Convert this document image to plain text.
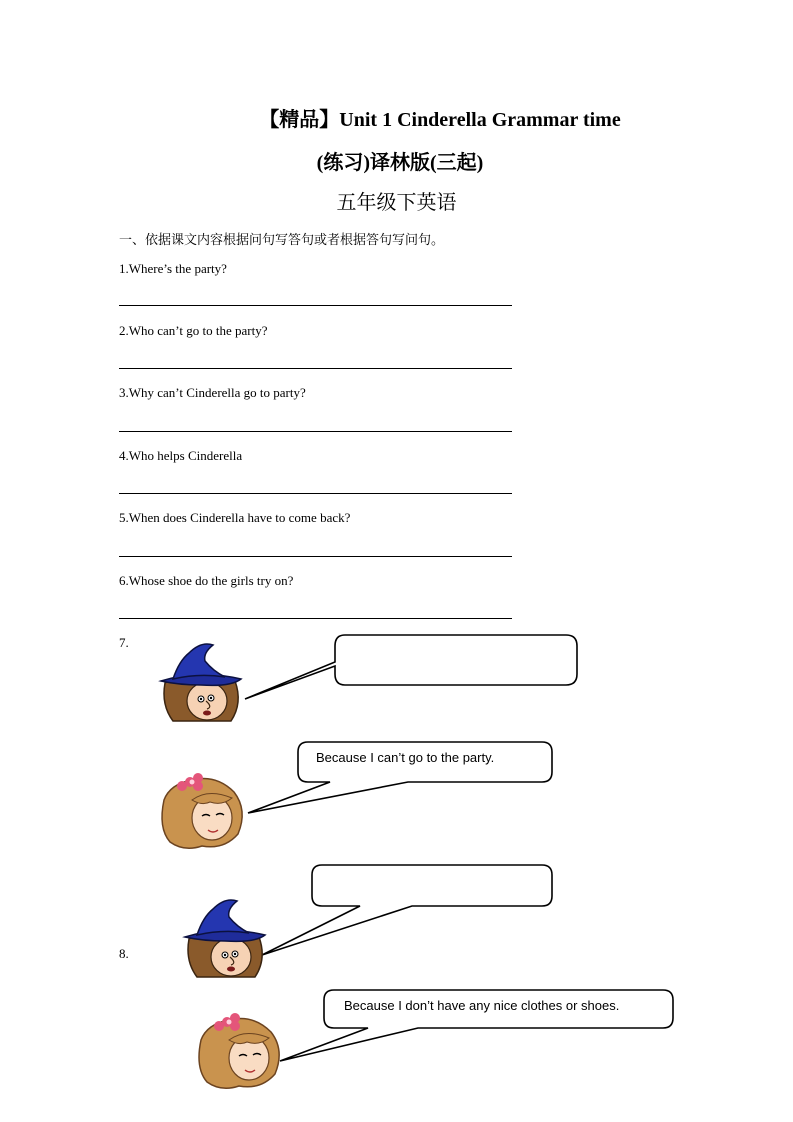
【精品】Unit 1 Cinderella Grammar time
(练习)译林版(三起)
五年级下英语
一、依据课文内容根据问句写答句或者根据答句写问句。
1.Where’s the party?
2.Who can’t go to the party?
3.Why can’t Cinderella go to party?
4.Who helps Cinderella
5.When does Cinderella have to come back?
6.Whose shoe do the girls try on?
7.
8.
Because I can’t go to the party.
Because I don’t have any nice clothes or shoes.
